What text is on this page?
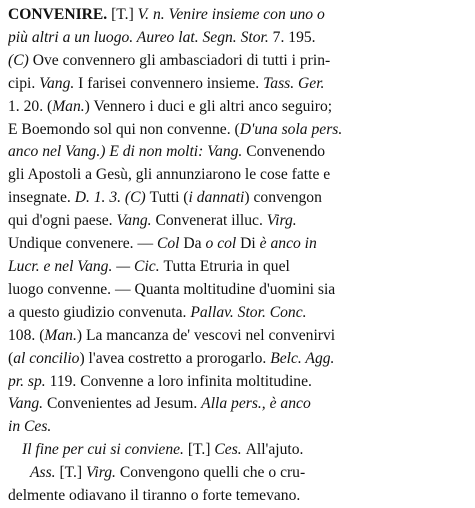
CONVENIRE. [T.] V. n. Venire insieme con uno o
più altri a un luogo. Aureo lat. Segn. Stor. 7. 195.
(C) Ove convennero gli ambasciadori di tutti i prin-
cipi. Vang. I farisei convennero insieme. Tass. Ger.
1. 20. (Man.) Vennero i duci e gli altri anco seguiro;
E Boemondo sol qui non convenne. (D'una sola pers.
anco nel Vang.) E di non molti: Vang. Convenendo
gli Apostoli a Gesù, gli annunziarono le cose fatte e
insegnate. D. 1. 3. (C) Tutti (i dannati) convengon
qui d'ogni paese. Vang. Convenerat illuc. Virg.
Undique convenere. — Col Da o col Di è anco in
Lucr. e nel Vang. — Cic. Tutta Etruria in quel
luogo convenne. — Quanta moltitudine d'uomini sia
a questo giudizio convenuta. Pallav. Stor. Conc.
108. (Man.) La mancanza de' vescovi nel convenirvi
(al concilio) l'avea costretto a prorogarlo. Belc. Agg.
pr. sp. 119. Convenne a loro infinita moltitudine.
Vang. Convenientes ad Jesum. Alla pers., è anco
in Ces.
Il fine per cui si conviene. [T.] Ces. All'ajuto.
Ass. [T.] Virg. Convengono quelli che o cru-
delmente odiavano il tiranno o forte temevano.
